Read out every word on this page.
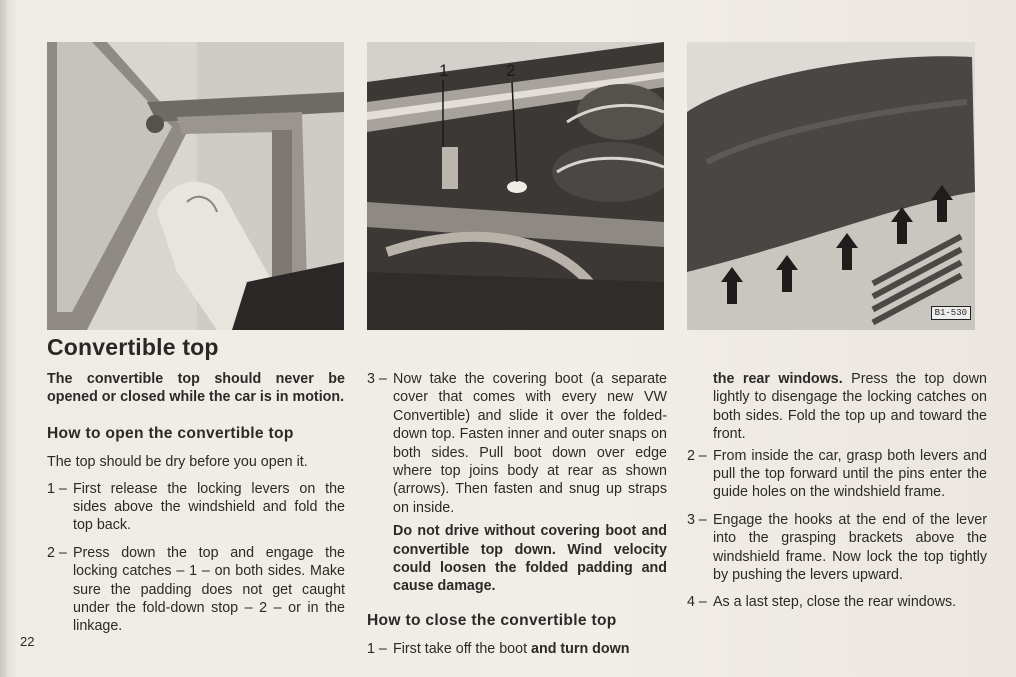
1	2
B1-530
Convertible top
The convertible top should never be opened or closed while the car is in motion.
How to open the convertible top
The top should be dry before you open it.
1 – First release the locking levers on the sides above the windshield and fold the top back.
2 – Press down the top and engage the locking catches – 1 – on both sides. Make sure the padding does not get caught under the fold-down stop – 2 – or in the linkage.
3 – Now take the covering boot (a separate cover that comes with every new VW Convertible) and slide it over the folded-down top. Fasten inner and outer snaps on both sides. Pull boot down over edge where top joins body at rear as shown (arrows). Then fasten and snug up straps on inside.
Do not drive without covering boot and convertible top down. Wind velocity could loosen the folded padding and cause damage.
How to close the convertible top
1 – First take off the boot and turn down
the rear windows. Press the top down lightly to disengage the locking catches on both sides. Fold the top up and toward the front.
2 – From inside the car, grasp both levers and pull the top forward until the pins enter the guide holes on the windshield frame.
3 – Engage the hooks at the end of the lever into the grasping brackets above the windshield frame. Now lock the top tightly by pushing the levers upward.
4 – As a last step, close the rear windows.
22
